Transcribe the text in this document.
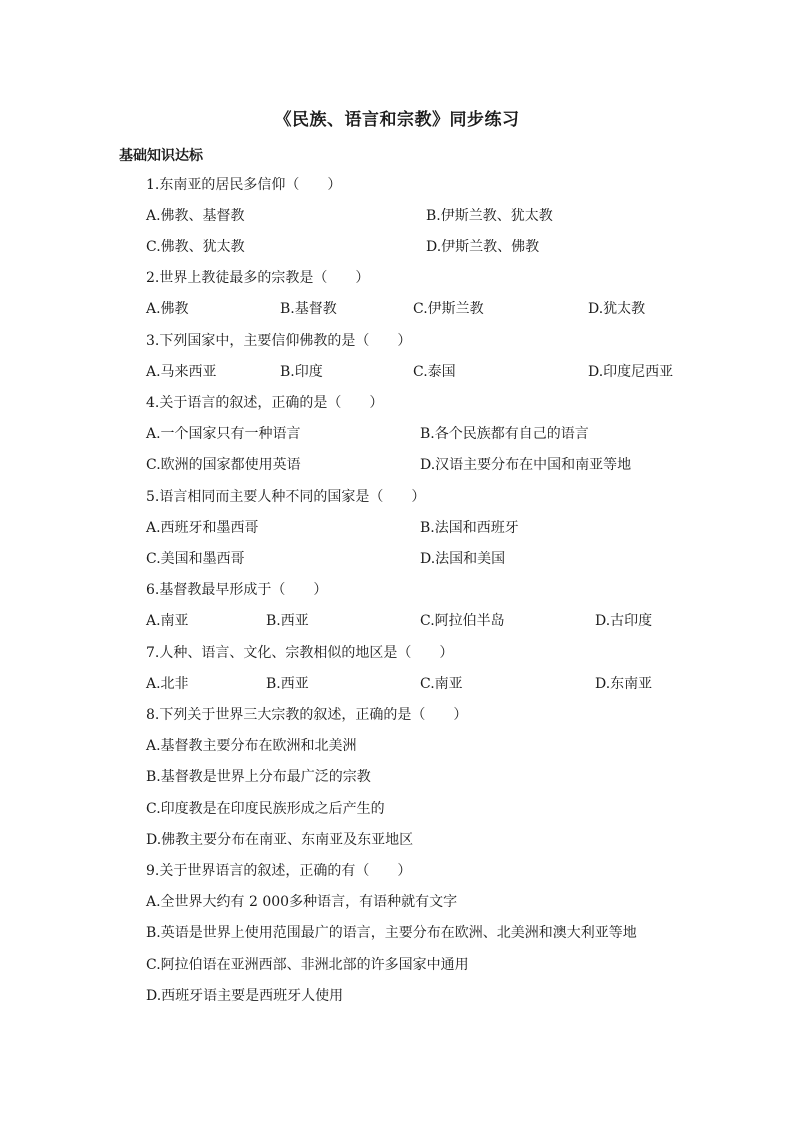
《民族、语言和宗教》同步练习
基础知识达标
1.东南亚的居民多信仰（　　）
A.佛教、基督教	B.伊斯兰教、犹太教
C.佛教、犹太教	D.伊斯兰教、佛教
2.世界上教徒最多的宗教是（　　）
A.佛教	B.基督教	C.伊斯兰教	D.犹太教
3.下列国家中，主要信仰佛教的是（　　）
A.马来西亚	B.印度	C.泰国	D.印度尼西亚
4.关于语言的叙述，正确的是（　　）
A.一个国家只有一种语言	B.各个民族都有自己的语言
C.欧洲的国家都使用英语	D.汉语主要分布在中国和南亚等地
5.语言相同而主要人种不同的国家是（　　）
A.西班牙和墨西哥	B.法国和西班牙
C.美国和墨西哥	D.法国和美国
6.基督教最早形成于（　　）
A.南亚	B.西亚	C.阿拉伯半岛	D.古印度
7.人种、语言、文化、宗教相似的地区是（　　）
A.北非	B.西亚	C.南亚	D.东南亚
8.下列关于世界三大宗教的叙述，正确的是（　　）
A.基督教主要分布在欧洲和北美洲
B.基督教是世界上分布最广泛的宗教
C.印度教是在印度民族形成之后产生的
D.佛教主要分布在南亚、东南亚及东亚地区
9.关于世界语言的叙述，正确的有（　　）
A.全世界大约有 2 000多种语言，有语种就有文字
B.英语是世界上使用范围最广的语言，主要分布在欧洲、北美洲和澳大利亚等地
C.阿拉伯语在亚洲西部、非洲北部的许多国家中通用
D.西班牙语主要是西班牙人使用
